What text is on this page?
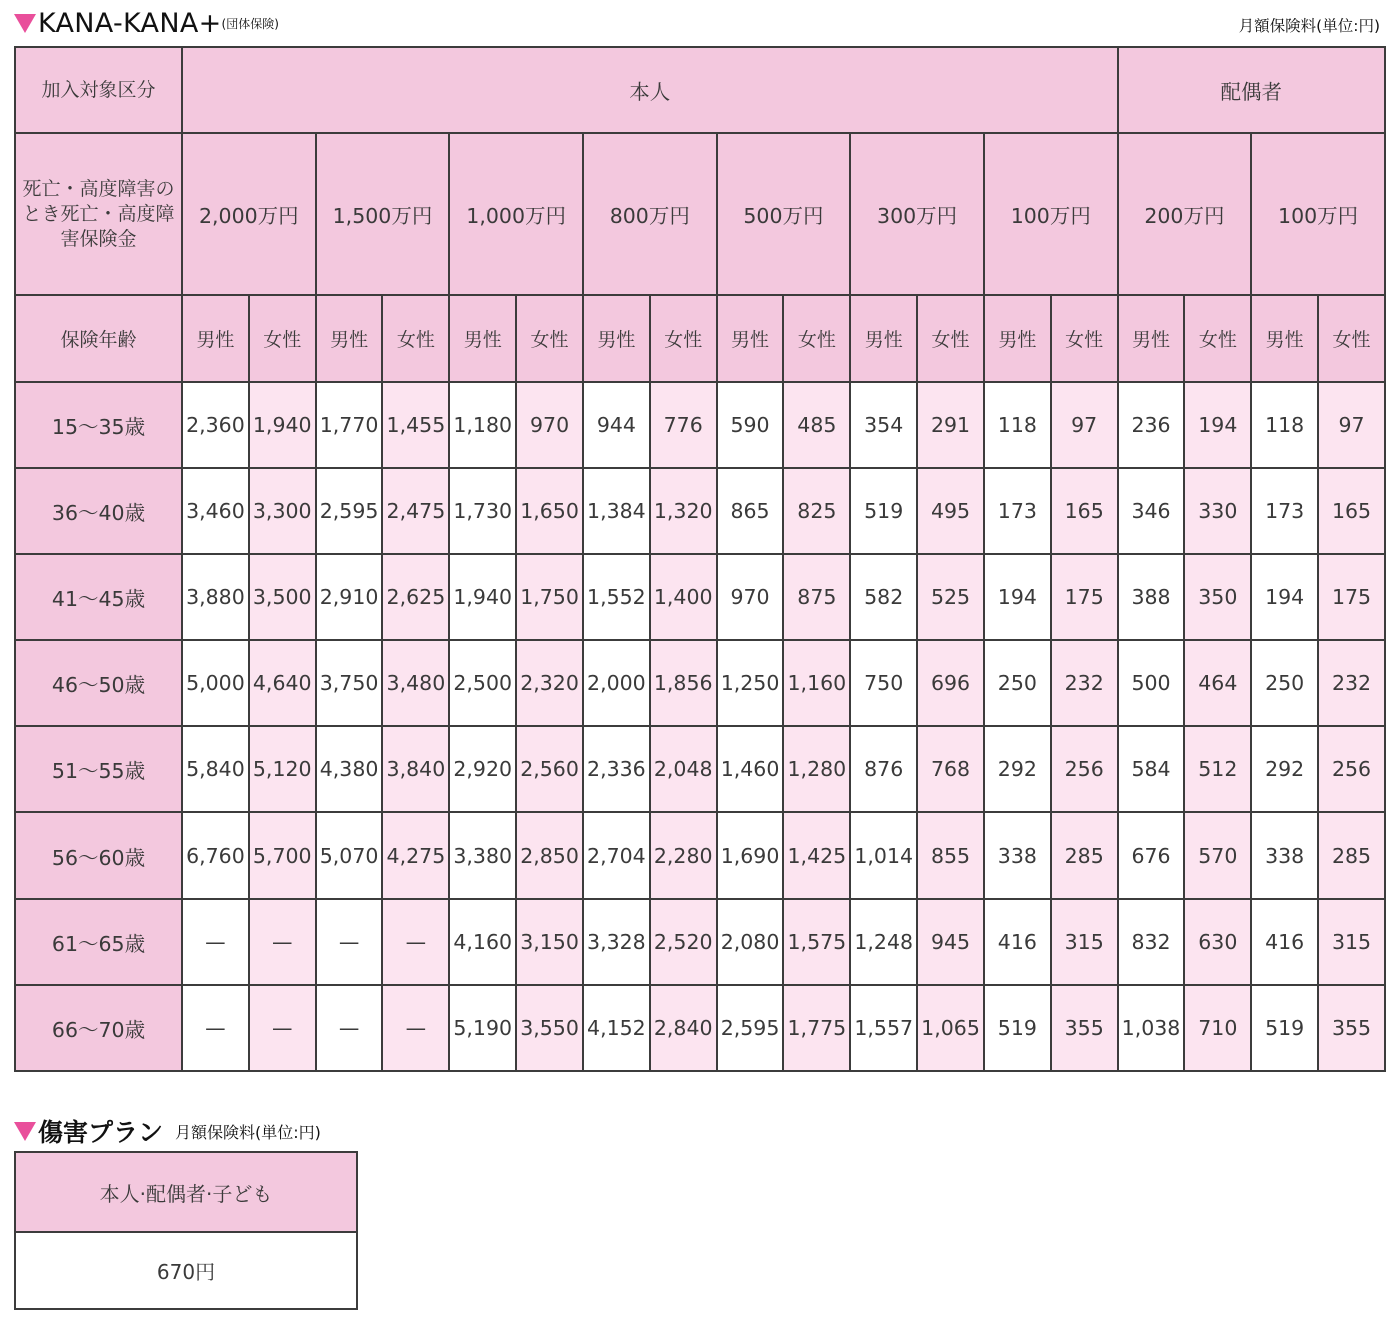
KANA-KANA+(団体保険)	月額保険料(単位:円)
加入対象区分	本人														配偶者			
死亡・高度障害のとき死亡・高度障害保険金	2,000万円		1,500万円		1,000万円		800万円		500万円		300万円		100万円		200万円		100万円	
保険年齢	男性	女性	男性	女性	男性	女性	男性	女性	男性	女性	男性	女性	男性	女性	男性	女性	男性	女性
15〜35歳	2,360	1,940	1,770	1,455	1,180	970	944	776	590	485	354	291	118	97	236	194	118	97
36〜40歳	3,460	3,300	2,595	2,475	1,730	1,650	1,384	1,320	865	825	519	495	173	165	346	330	173	165
41〜45歳	3,880	3,500	2,910	2,625	1,940	1,750	1,552	1,400	970	875	582	525	194	175	388	350	194	175
46〜50歳	5,000	4,640	3,750	3,480	2,500	2,320	2,000	1,856	1,250	1,160	750	696	250	232	500	464	250	232
51〜55歳	5,840	5,120	4,380	3,840	2,920	2,560	2,336	2,048	1,460	1,280	876	768	292	256	584	512	292	256
56〜60歳	6,760	5,700	5,070	4,275	3,380	2,850	2,704	2,280	1,690	1,425	1,014	855	338	285	676	570	338	285
61〜65歳	—	—	—	—	4,160	3,150	3,328	2,520	2,080	1,575	1,248	945	416	315	832	630	416	315
66〜70歳	—	—	—	—	5,190	3,550	4,152	2,840	2,595	1,775	1,557	1,065	519	355	1,038	710	519	355
傷害プラン 月額保険料(単位:円)
本人·配偶者·子ども
670円
